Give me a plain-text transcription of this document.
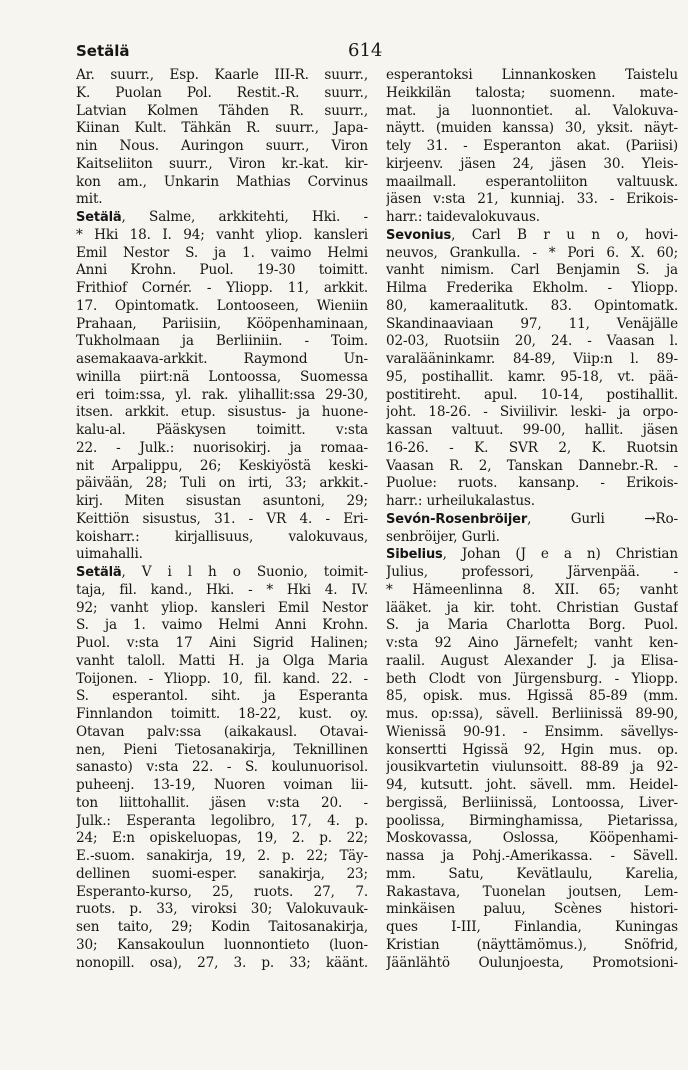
Setälä	614
Ar. suurr., Esp. Kaarle III-R. suurr.,
K. Puolan Pol. Restit.-R. suurr.,
Latvian Kolmen Tähden R. suurr.,
Kiinan Kult. Tähkän R. suurr., Japa-
nin Nous. Auringon suurr., Viron
Kaitseliiton suurr., Viron kr.-kat. kir-
kon am., Unkarin Mathias Corvinus
mit.
Setälä, Salme, arkkitehti, Hki. -
* Hki 18. I. 94; vanht yliop. kansleri
Emil Nestor S. ja 1. vaimo Helmi
Anni Krohn. Puol. 19-30 toimitt.
Frithiof Cornér. - Yliopp. 11, arkkit.
17. Opintomatk. Lontooseen, Wieniin
Prahaan, Pariisiin, Kööpenhaminaan,
Tukholmaan ja Berliiniin. - Toim.
asemakaava-arkkit. Raymond Un-
winilla piirt:nä Lontoossa, Suomessa
eri toim:ssa, yl. rak. ylihallit:ssa 29-30,
itsen. arkkit. etup. sisustus- ja huone-
kalu-al. Pääskysen toimitt. v:sta
22. - Julk.: nuorisokirj. ja romaa-
nit Arpalippu, 26; Keskiyöstä keski-
päivään, 28; Tuli on irti, 33; arkkit.-
kirj. Miten sisustan asuntoni, 29;
Keittiön sisustus, 31. - VR 4. - Eri-
koisharr.: kirjallisuus, valokuvaus,
uimahalli.
Setälä, V i l h o Suonio, toimit-
taja, fil. kand., Hki. - * Hki 4. IV.
92; vanht yliop. kansleri Emil Nestor
S. ja 1. vaimo Helmi Anni Krohn.
Puol. v:sta 17 Aini Sigrid Halinen;
vanht taloll. Matti H. ja Olga Maria
Toijonen. - Yliopp. 10, fil. kand. 22. -
S. esperantol. siht. ja Esperanta
Finnlandon toimitt. 18-22, kust. oy.
Otavan palv:ssa (aikakausl. Otavai-
nen, Pieni Tietosanakirja, Teknillinen
sanasto) v:sta 22. - S. koulunuorisol.
puheenj. 13-19, Nuoren voiman lii-
ton liittohallit. jäsen v:sta 20. -
Julk.: Esperanta legolibro, 17, 4. p.
24; E:n opiskeluopas, 19, 2. p. 22;
E.-suom. sanakirja, 19, 2. p. 22; Täy-
dellinen suomi-esper. sanakirja, 23;
Esperanto-kurso, 25, ruots. 27, 7.
ruots. p. 33, viroksi 30; Valokuvauk-
sen taito, 29; Kodin Taitosanakirja,
30; Kansakoulun luonnontieto (luon-
nonopill. osa), 27, 3. p. 33; käänt.
esperantoksi Linnankosken Taistelu
Heikkilän talosta; suomenn. mate-
mat. ja luonnontiet. al. Valokuva-
näytt. (muiden kanssa) 30, yksit. näyt-
tely 31. - Esperanton akat. (Pariisi)
kirjeenv. jäsen 24, jäsen 30. Yleis-
maailmall. esperantoliiton valtuusk.
jäsen v:sta 21, kunniaj. 33. - Erikois-
harr.: taidevalokuvaus.
Sevonius, Carl B r u n o, hovi-
neuvos, Grankulla. - * Pori 6. X. 60;
vanht nimism. Carl Benjamin S. ja
Hilma Frederika Ekholm. - Yliopp.
80, kameraalitutk. 83. Opintomatk.
Skandinaaviaan 97, 11, Venäjälle
02-03, Ruotsiin 20, 24. - Vaasan l.
varalääninkamr. 84-89, Viip:n l. 89-
95, postihallit. kamr. 95-18, vt. pää-
postitireht. apul. 10-14, postihallit.
joht. 18-26. - Siviilivir. leski- ja orpo-
kassan valtuut. 99-00, hallit. jäsen
16-26. - K. SVR 2, K. Ruotsin
Vaasan R. 2, Tanskan Dannebr.-R. -
Puolue: ruots. kansanp. - Erikois-
harr.: urheilukalastus.
Sevón-Rosenbröijer, Gurli →Ro-
senbröijer, Gurli.
Sibelius, Johan (J e a n) Christian
Julius, professori, Järvenpää. -
* Hämeenlinna 8. XII. 65; vanht
lääket. ja kir. toht. Christian Gustaf
S. ja Maria Charlotta Borg. Puol.
v:sta 92 Aino Järnefelt; vanht ken-
raalil. August Alexander J. ja Elisa-
beth Clodt von Jürgensburg. - Yliopp.
85, opisk. mus. Hgissä 85-89 (mm.
mus. op:ssa), sävell. Berliinissä 89-90,
Wienissä 90-91. - Ensimm. sävellys-
konsertti Hgissä 92, Hgin mus. op.
jousikvartetin viulunsoitt. 88-89 ja 92-
94, kutsutt. joht. sävell. mm. Heidel-
bergissä, Berliinissä, Lontoossa, Liver-
poolissa, Birminghamissa, Pietarissa,
Moskovassa, Oslossa, Kööpenhami-
nassa ja Pohj.-Amerikassa. - Sävell.
mm. Satu, Kevätlaulu, Karelia,
Rakastava, Tuonelan joutsen, Lem-
minkäisen paluu, Scènes histori-
ques I-III, Finlandia, Kuningas
Kristian (näyttämömus.), Snöfrid,
Jäänlähtö Oulunjoesta, Promotsioni-
